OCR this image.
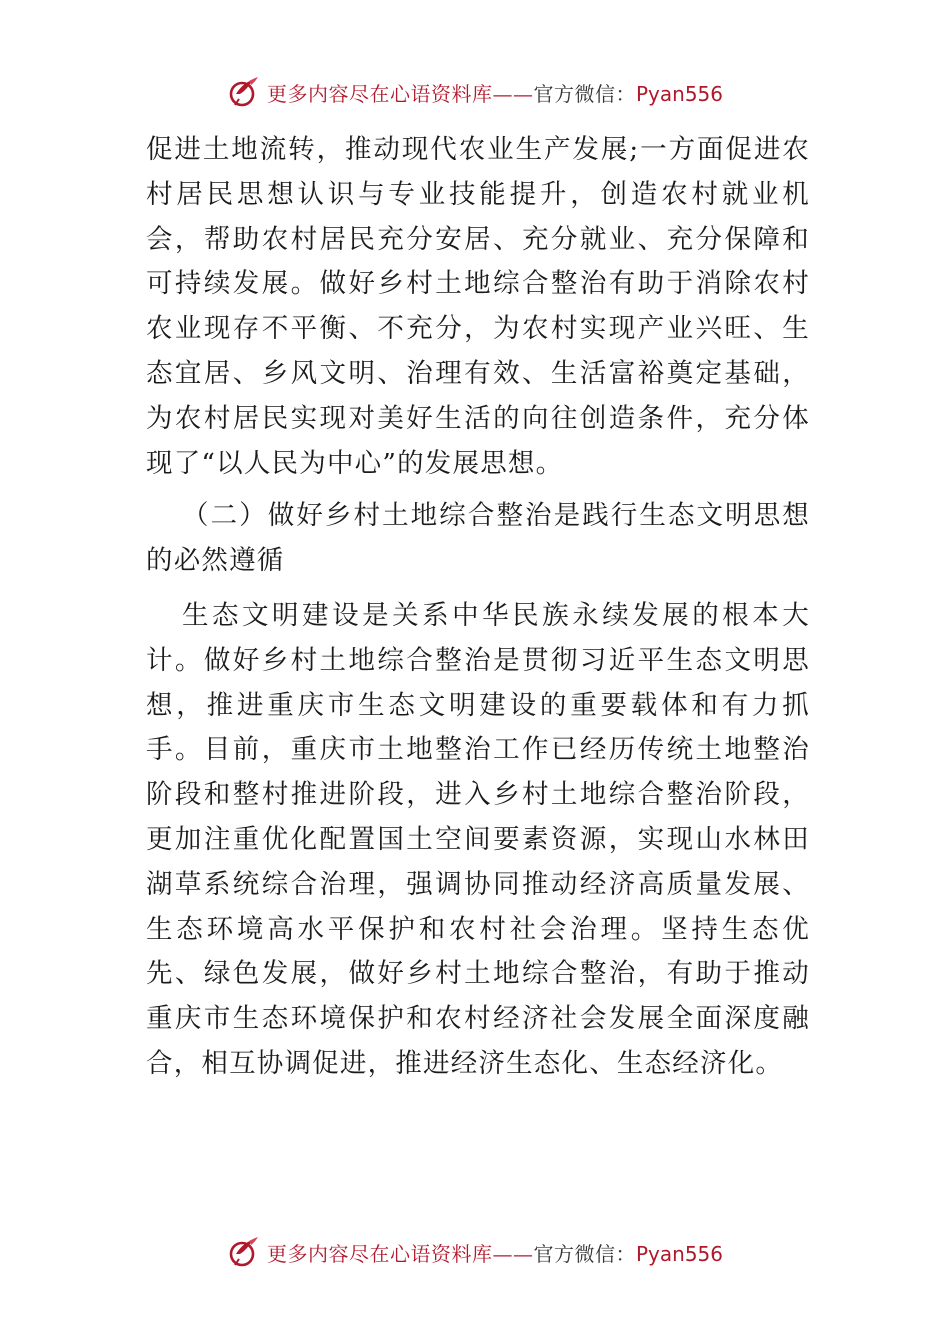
更多内容尽在心语资料库——官方微信：Pyan556

促进土地流转，推动现代农业生产发展;一方面促进农村居民思想认识与专业技能提升，创造农村就业机会，帮助农村居民充分安居、充分就业、充分保障和可持续发展。做好乡村土地综合整治有助于消除农村农业现存不平衡、不充分，为农村实现产业兴旺、生态宜居、乡风文明、治理有效、生活富裕奠定基础，为农村居民实现对美好生活的向往创造条件，充分体现了“以人民为中心”的发展思想。

（二）做好乡村土地综合整治是践行生态文明思想的必然遵循

生态文明建设是关系中华民族永续发展的根本大计。做好乡村土地综合整治是贯彻习近平生态文明思想，推进重庆市生态文明建设的重要载体和有力抓手。目前，重庆市土地整治工作已经历传统土地整治阶段和整村推进阶段，进入乡村土地综合整治阶段，更加注重优化配置国土空间要素资源，实现山水林田湖草系统综合治理，强调协同推动经济高质量发展、生态环境高水平保护和农村社会治理。坚持生态优先、绿色发展，做好乡村土地综合整治，有助于推动重庆市生态环境保护和农村经济社会发展全面深度融合，相互协调促进，推进经济生态化、生态经济化。

更多内容尽在心语资料库——官方微信：Pyan556
